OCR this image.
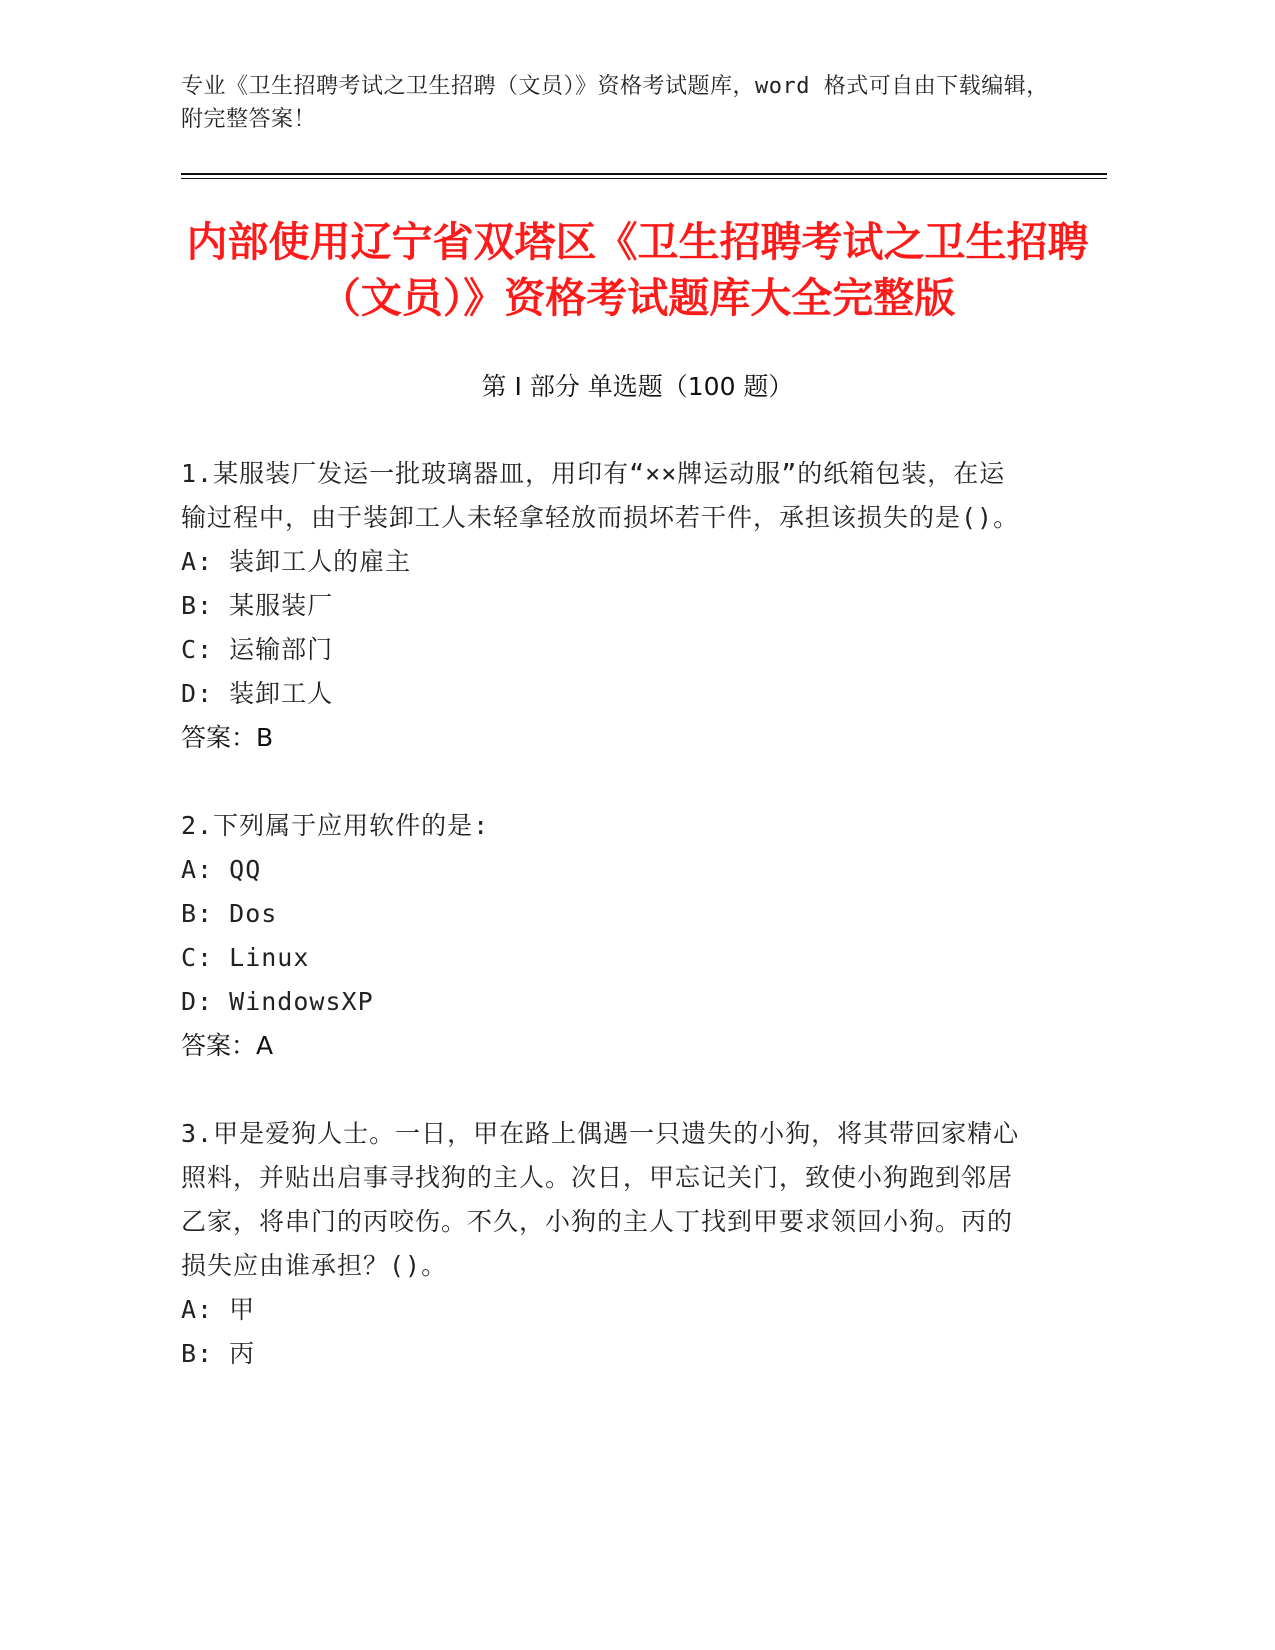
专业《卫生招聘考试之卫生招聘（文员）》资格考试题库，word 格式可自由下载编辑，附完整答案！
内部使用辽宁省双塔区《卫生招聘考试之卫生招聘（文员）》资格考试题库大全完整版
第 I 部分 单选题（100 题）
1.某服装厂发运一批玻璃器皿，用印有“××牌运动服”的纸箱包装，在运输过程中，由于装卸工人未轻拿轻放而损坏若干件，承担该损失的是()。
A: 装卸工人的雇主
B: 某服装厂
C: 运输部门
D: 装卸工人
答案：B
2.下列属于应用软件的是:
A: QQ
B: Dos
C: Linux
D: WindowsXP
答案：A
3.甲是爱狗人士。一日，甲在路上偶遇一只遗失的小狗，将其带回家精心照料，并贴出启事寻找狗的主人。次日，甲忘记关门，致使小狗跑到邻居乙家，将串门的丙咬伤。不久，小狗的主人丁找到甲要求领回小狗。丙的损失应由谁承担？()。
A: 甲
B: 丙
